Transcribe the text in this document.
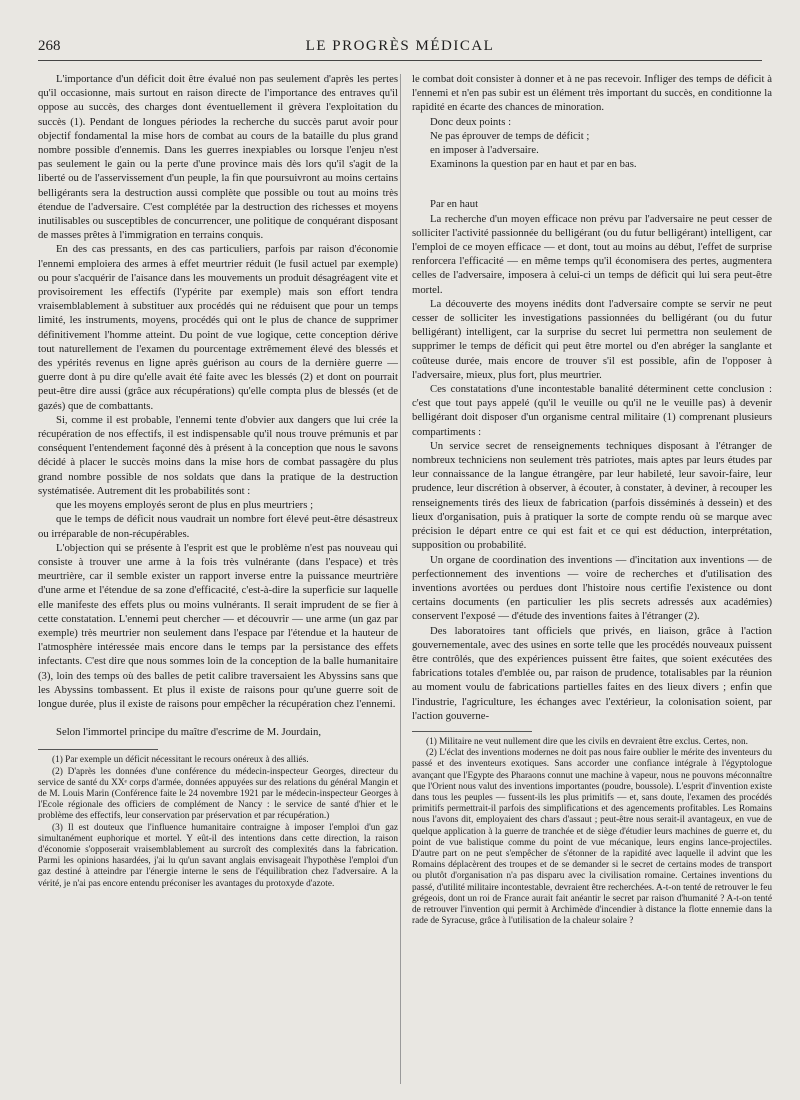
268	LE PROGRÈS MÉDICAL

L'importance d'un déficit doit être évalué non pas seulement d'après les pertes qu'il occasionne, mais surtout en raison directe de l'importance des entraves qu'il oppose au succès, des charges dont éventuellement il grèvera l'exploitation du succès (1). Pendant de longues périodes la recherche du succès parut avoir pour objectif fondamental la mise hors de combat au cours de la bataille du plus grand nombre possible d'ennemis. Dans les guerres inexpiables ou lorsque l'enjeu n'est pas seulement le gain ou la perte d'une province mais dès lors qu'il s'agit de la liberté ou de l'asservissement d'un peuple, la fin que poursuivront au moins certains belligérants sera la destruction aussi complète que possible ou tout au moins très étendue de l'adversaire. C'est complétée par la destruction des richesses et moyens inutilisables ou susceptibles de concurrencer, une politique de conquérant disposant de masses prêtes à l'immigration en terrains conquis.

En des cas pressants, en des cas particuliers, parfois par raison d'économie l'ennemi emploiera des armes à effet meurtrier réduit (le fusil actuel par exemple) ou pour s'acquérir de l'aisance dans les mouvements un produit désagréagent vite et provisoirement les effectifs (l'ypérite par exemple) mais son effort tendra vraisemblablement à substituer aux procédés qui ne réduisent que pour un temps limité, les instruments, moyens, procédés qui ont le plus de chance de supprimer définitivement l'homme atteint. Du point de vue logique, cette conception dérive tout naturellement de l'examen du pourcentage extrêmement élevé des blessés et des ypérités revenus en ligne après guérison au cours de la dernière guerre — guerre dont à pu dire qu'elle avait été faite avec les blessés (2) et dont on pourrait peut-être dire aussi (grâce aux récupérations) qu'elle compta plus de blessés (et de gazés) que de combattants.

Si, comme il est probable, l'ennemi tente d'obvier aux dangers que lui crée la récupération de nos effectifs, il est indispensable qu'il nous trouve prémunis et par conséquent l'entendement façonné dès à présent à la conception que nous le savons décidé à placer le succès moins dans la mise hors de combat passagère du plus grand nombre possible de nos soldats que dans la pratique de la destruction systématisée. Autrement dit les probabilités sont :

que les moyens employés seront de plus en plus meurtriers ;

que le temps de déficit nous vaudrait un nombre fort élevé peut-être désastreux ou irréparable de non-récupérables.

L'objection qui se présente à l'esprit est que le problème n'est pas nouveau qui consiste à trouver une arme à la fois très vulnérante (dans l'espace) et très meurtrière, car il semble exister un rapport inverse entre la puissance meurtrière d'une arme et l'étendue de sa zone d'efficacité, c'est-à-dire la superficie sur laquelle elle manifeste des effets plus ou moins vulnérants. Il serait imprudent de se fier à cette constatation. L'ennemi peut chercher — et découvrir — une arme (un gaz par exemple) très meurtrier non seulement dans l'espace par l'étendue et la hauteur de l'atmosphère intéressée mais encore dans le temps par la persistance des effets infectants. C'est dire que nous sommes loin de la conception de la balle humanitaire (3), loin des temps où des balles de petit calibre traversaient les Abyssins sans que les Abyssins tombassent. Et plus il existe de raisons pour qu'une guerre soit de longue durée, plus il existe de raisons pour empêcher la récupération chez l'ennemi.

Selon l'immortel principe du maître d'escrime de M. Jourdain,

(1) Par exemple un déficit nécessitant le recours onéreux à des alliés.

(2) D'après les données d'une conférence du médecin-inspecteur Georges, directeur du service de santé du XXᵉ corps d'armée, données appuyées sur des relations du général Mangin et de M. Louis Marin (Conférence faite le 24 novembre 1921 par le médecin-inspecteur Georges à l'Ecole régionale des officiers de complément de Nancy : le service de santé d'hier et le problème des effectifs, leur conservation par préservation et par récupération.)

(3) Il est douteux que l'influence humanitaire contraigne à imposer l'emploi d'un gaz simultanément euphorique et mortel. Y eût-il des intentions dans cette direction, la raison d'économie s'opposerait vraisemblablement au surcroît des complexités dans la fabrication. Parmi les opinions hasardées, j'ai lu qu'un savant anglais envisageait l'hypothèse l'emploi d'un gaz destiné à atteindre par l'énergie interne le sens de l'équilibration chez l'adversaire. A la vérité, je n'ai pas encore entendu préconiser les avantages du protoxyde d'azote.

le combat doit consister à donner et à ne pas recevoir. Infliger des temps de déficit à l'ennemi et n'en pas subir est un élément très important du succès, en conditionne la rapidité en écarte des chances de minoration.

Donc deux points :

Ne pas éprouver de temps de déficit ;

en imposer à l'adversaire.

Examinons la question par en haut et par en bas.

Par en haut

La recherche d'un moyen efficace non prévu par l'adversaire ne peut cesser de solliciter l'activité passionnée du belligérant (ou du futur belligérant) intelligent, car l'emploi de ce moyen efficace — et dont, tout au moins au début, l'effet de surprise renforcera l'efficacité — en même temps qu'il économisera des pertes, augmentera celles de l'adversaire, imposera à celui-ci un temps de déficit qui lui sera peut-être mortel.

La découverte des moyens inédits dont l'adversaire compte se servir ne peut cesser de solliciter les investigations passionnées du belligérant (ou du futur belligérant) intelligent, car la surprise du secret lui permettra non seulement de supprimer le temps de déficit qui peut être mortel ou d'en abréger la sanglante et coûteuse durée, mais encore de trouver s'il est possible, afin de l'opposer à l'adversaire, mieux, plus fort, plus meurtrier.

Ces constatations d'une incontestable banalité déterminent cette conclusion : c'est que tout pays appelé (qu'il le veuille ou qu'il ne le veuille pas) à devenir belligérant doit disposer d'un organisme central militaire (1) comprenant plusieurs compartiments :

Un service secret de renseignements techniques disposant à l'étranger de nombreux techniciens non seulement très patriotes, mais aptes par leurs études par leur connaissance de la langue étrangère, par leur habileté, leur savoir-faire, leur prudence, leur discrétion à observer, à écouter, à constater, à deviner, à recouper les renseignements tirés des lieux de fabrication (parfois disséminés à dessein) et des lieux d'organisation, puis à pratiquer la sorte de compte rendu où se marque avec précision le départ entre ce qui est fait et ce qui est déduction, interprétation, supposition ou probabilité.

Un organe de coordination des inventions — d'incitation aux inventions — de perfectionnement des inventions — voire de recherches et d'utilisation des inventions avortées ou perdues dont l'histoire nous certifie l'existence ou dont certains documents (en particulier les plis secrets adressés aux académies) conservent l'exposé — d'étude des inventions faites à l'étranger (2).

Des laboratoires tant officiels que privés, en liaison, grâce à l'action gouvernementale, avec des usines en sorte telle que les procédés nouveaux puissent être contrôlés, que des expériences puissent être faites, que soient exécutées des fabrications totales d'emblée ou, par raison de prudence, totalisables par la réunion au moment voulu de fabrications partielles faites en des lieux divers ; enfin que l'industrie, l'agriculture, les échanges avec l'extérieur, la colonisation soient, par l'action gouverne-

(1) Militaire ne veut nullement dire que les civils en devraient être exclus. Certes, non.

(2) L'éclat des inventions modernes ne doit pas nous faire oublier le mérite des inventeurs du passé et des inventeurs exotiques. Sans accorder une confiance intégrale à l'égyptologue avançant que l'Egypte des Pharaons connut une machine à vapeur, nous ne pouvons méconnaître que l'Orient nous valut des inventions importantes (poudre, boussole). L'esprit d'invention existe dans tous les peuples — fussent-ils les plus primitifs — et, sans doute, l'examen des procédés primitifs permettrait-il parfois des simplifications et des agencements profitables. Les Romains nous l'avons dit, employaient des chars d'assaut ; peut-être nous serait-il avantageux, en vue de quelque application à la guerre de tranchée et de siège d'étudier leurs machines de guerre et, du point de vue balistique comme du point de vue mécanique, leurs engins lance-projectiles. D'autre part on ne peut s'empêcher de s'étonner de la rapidité avec laquelle il advint que les Romains déplacèrent des troupes et de se demander si le secret de certains modes de transport ou plutôt d'organisation n'a pas disparu avec la civilisation romaine. Certaines inventions du passé, d'utilité militaire incontestable, devraient être recherchées. A-t-on tenté de retrouver le feu grégeois, dont un roi de France aurait fait anéantir le secret par raison d'humanité ? A-t-on tenté de retrouver l'invention qui permit à Archimède d'incendier à distance la flotte ennemie dans la rade de Syracuse, grâce à l'utilisation de la chaleur solaire ?
